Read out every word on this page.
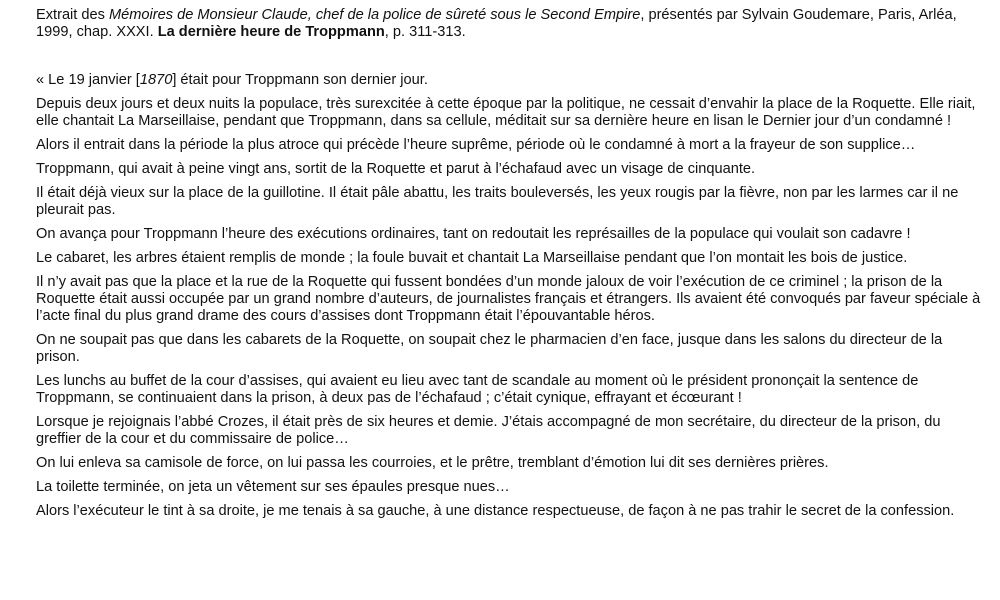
Extrait des Mémoires de Monsieur Claude, chef de la police de sûreté sous le Second Empire, présentés par Sylvain Goudemare, Paris, Arléa, 1999, chap. XXXI. La dernière heure de Troppmann, p. 311-313.

« Le 19 janvier [1870] était pour Troppmann son dernier jour.

Depuis deux jours et deux nuits la populace, très surexcitée à cette époque par la politique, ne cessait d’envahir la place de la Roquette. Elle riait, elle chantait La Marseillaise, pendant que Troppmann, dans sa cellule, méditait sur sa dernière heure en lisan le Dernier jour d’un condamné !

Alors il entrait dans la période la plus atroce qui précède l’heure suprême, période où le condamné à mort a la frayeur de son supplice…

Troppmann, qui avait à peine vingt ans, sortit de la Roquette et parut à l’échafaud avec un visage de cinquante.

Il était déjà vieux sur la place de la guillotine. Il était pâle abattu, les traits bouleversés, les yeux rougis par la fièvre, non par les larmes car il ne pleurait pas.

On avança pour Troppmann l’heure des exécutions ordinaires, tant on redoutait les représailles de la populace qui voulait son cadavre !

Le cabaret, les arbres étaient remplis de monde ; la foule buvait et chantait La Marseillaise pendant que l’on montait les bois de justice.

Il n’y avait pas que la place et la rue de la Roquette qui fussent bondées d’un monde jaloux de voir l’exécution de ce criminel ; la prison de la Roquette était aussi occupée par un grand nombre d’auteurs, de journalistes français et étrangers. Ils avaient été convoqués par faveur spéciale à l’acte final du plus grand drame des cours d’assises dont Troppmann était l’épouvantable héros.

On ne soupait pas que dans les cabarets de la Roquette, on soupait chez le pharmacien d’en face, jusque dans les salons du directeur de la prison.

Les lunchs au buffet de la cour d’assises, qui avaient eu lieu avec tant de scandale au moment où le président prononçait la sentence de Troppmann, se continuaient dans la prison, à deux pas de l’échafaud ; c’était cynique, effrayant et écœurant !

Lorsque je rejoignais l’abbé Crozes, il était près de six heures et demie. J’étais accompagné de mon secrétaire, du directeur de la prison, du greffier de la cour et du commissaire de police…

On lui enleva sa camisole de force, on lui passa les courroies, et le prêtre, tremblant d’émotion lui dit ses dernières prières.

La toilette terminée, on jeta un vêtement sur ses épaules presque nues…

Alors l’exécuteur le tint à sa droite, je me tenais à sa gauche, à une distance respectueuse, de façon à ne pas trahir le secret de la confession.
